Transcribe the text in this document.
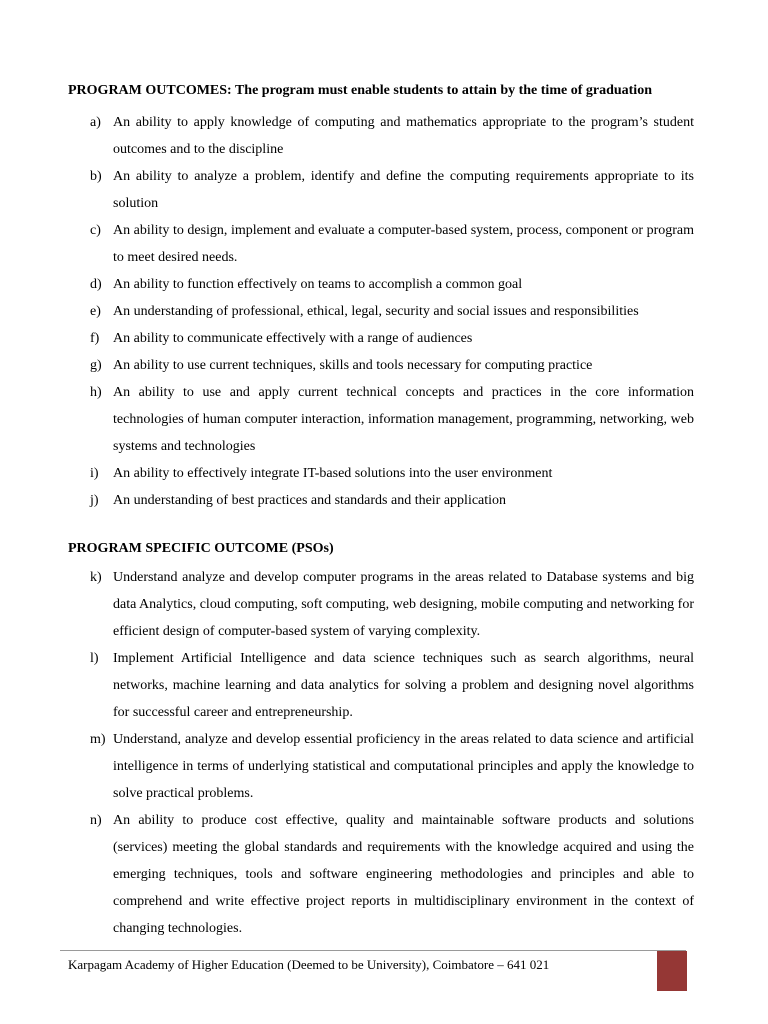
PROGRAM OUTCOMES: The program must enable students to attain by the time of graduation
a) An ability to apply knowledge of computing and mathematics appropriate to the program’s student outcomes and to the discipline
b) An ability to analyze a problem, identify and define the computing requirements appropriate to its solution
c) An ability to design, implement and evaluate a computer-based system, process, component or program to meet desired needs.
d) An ability to function effectively on teams to accomplish a common goal
e) An understanding of professional, ethical, legal, security and social issues and responsibilities
f) An ability to communicate effectively with a range of audiences
g) An ability to use current techniques, skills and tools necessary for computing practice
h) An ability to use and apply current technical concepts and practices in the core information technologies of human computer interaction, information management, programming, networking, web systems and technologies
i) An ability to effectively integrate IT-based solutions into the user environment
j) An understanding of best practices and standards and their application
PROGRAM SPECIFIC OUTCOME (PSOs)
k) Understand analyze and develop computer programs in the areas related to Database systems and big data Analytics, cloud computing, soft computing, web designing, mobile computing and networking for efficient design of computer-based system of varying complexity.
l) Implement Artificial Intelligence and data science techniques such as search algorithms, neural networks, machine learning and data analytics for solving a problem and designing novel algorithms for successful career and entrepreneurship.
m) Understand, analyze and develop essential proficiency in the areas related to data science and artificial intelligence in terms of underlying statistical and computational principles and apply the knowledge to solve practical problems.
n) An ability to produce cost effective, quality and maintainable software products and solutions (services) meeting the global standards and requirements with the knowledge acquired and using the emerging techniques, tools and software engineering methodologies and principles and able to comprehend and write effective project reports in multidisciplinary environment in the context of changing technologies.
Karpagam Academy of Higher Education (Deemed to be University), Coimbatore – 641 021
